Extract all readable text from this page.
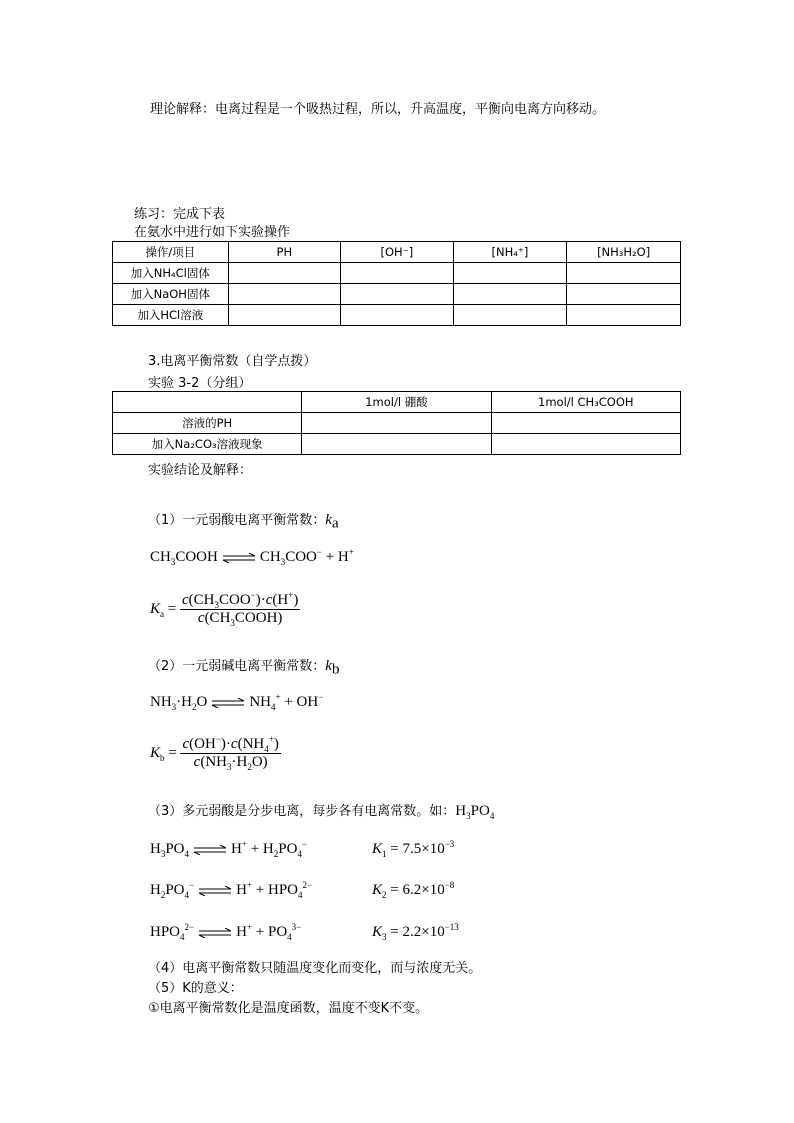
理论解释：电离过程是一个吸热过程，所以，升高温度，平衡向电离方向移动。
练习：完成下表
在氨水中进行如下实验操作
操作/项目	PH	[OH⁻]	[NH₄⁺]	[NH₃H₂O]
加入NH₄Cl固体				
加入NaOH固体				
加入HCl溶液				
3.电离平衡常数（自学点拨）
实验 3-2（分组）
	1mol/l 硼酸	1mol/l CH₃COOH
溶液的PH		
加入Na₂CO₃溶液现象		
实验结论及解释：
（1）一元弱酸电离平衡常数：$k_a$
$CH_3COOH$ ⇌ $CH_3COO^- + H^+$
$K_a = \frac{c(CH_3COO^-)\cdot c(H^+)}{c(CH_3COOH)}$
（2）一元弱碱电离平衡常数：$k_b$
$NH_3\cdot H_2O$ ⇌ $NH_4^+ + OH^-$
$K_b = \frac{c(OH^-)\cdot c(NH_4^+)}{c(NH_3\cdot H_2O)}$
（3）多元弱酸是分步电离，每步各有电离常数。如：$H_3PO_4$
$H_3PO_4$ ⇌ $H^+ + H_2PO_4^-$	$K_1 = 7.5\times 10^{-3}$
$H_2PO_4^-$ ⇌ $H^+ + HPO_4^{2-}$	$K_2 = 6.2\times 10^{-8}$
$HPO_4^{2-}$ ⇌ $H^+ + PO_4^{3-}$	$K_3 = 2.2\times 10^{-13}$
（4）电离平衡常数只随温度变化而变化，而与浓度无关。
（5）K的意义：
①电离平衡常数化是温度函数，温度不变K不变。
